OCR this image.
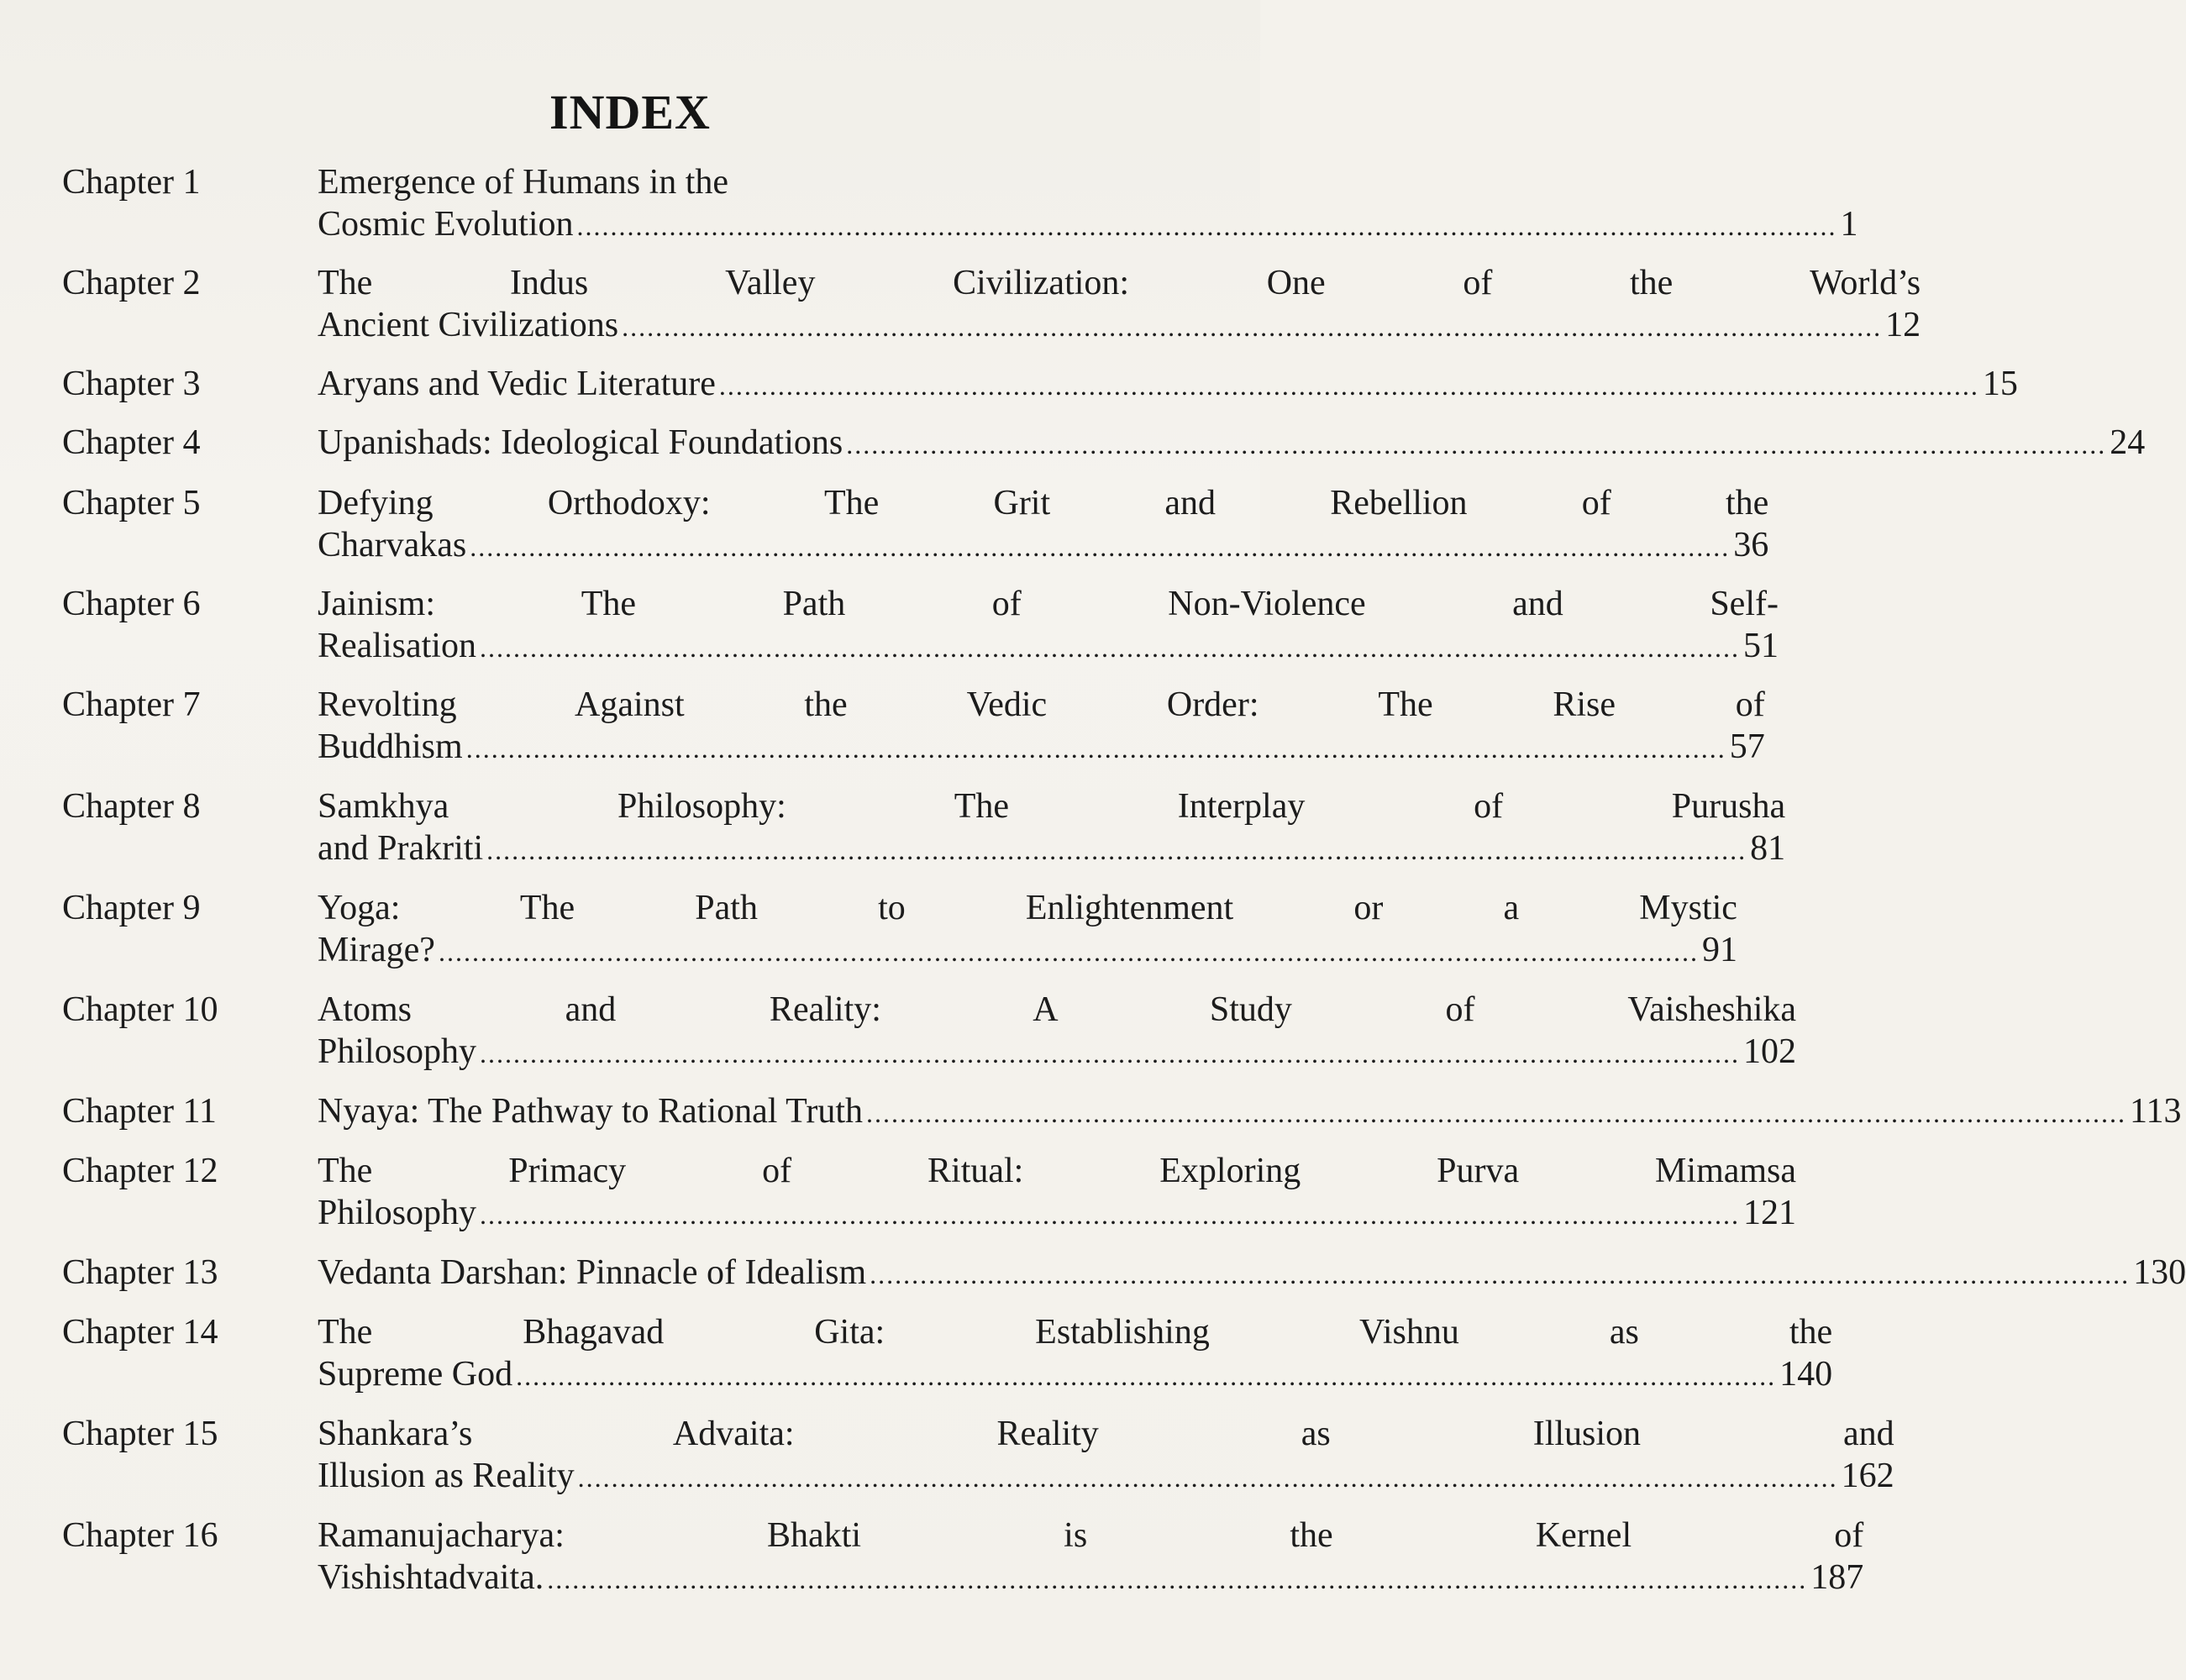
INDEX
Chapter 1	Emergence of Humans in the
Cosmic Evolution .....	1
Chapter 2	The Indus Valley Civilization: One of the World’s
Ancient Civilizations .....	12
Chapter 3	Aryans and Vedic Literature .....	15
Chapter 4	Upanishads: Ideological Foundations .....	24
Chapter 5	Defying Orthodoxy: The Grit and Rebellion of the
Charvakas .....	36
Chapter 6	Jainism: The Path of Non-Violence and Self-
Realisation .....	51
Chapter 7	Revolting Against the Vedic Order: The Rise of
Buddhism .....	57
Chapter 8	Samkhya Philosophy: The Interplay of Purusha
and Prakriti .....	81
Chapter 9	Yoga: The Path to Enlightenment or a Mystic
Mirage? .....	91
Chapter 10	Atoms and Reality: A Study of Vaisheshika
Philosophy .....	102
Chapter 11	Nyaya: The Pathway to Rational Truth .....	113
Chapter 12	The Primacy of Ritual: Exploring Purva Mimamsa
Philosophy .....	121
Chapter 13	Vedanta Darshan: Pinnacle of Idealism .....	130
Chapter 14	The Bhagavad Gita: Establishing Vishnu as the
Supreme God .....	140
Chapter 15	Shankara’s Advaita: Reality as Illusion and
Illusion as Reality .....	162
Chapter 16	Ramanujacharya: Bhakti is the Kernel of
Vishishtadvaita. .....	187
